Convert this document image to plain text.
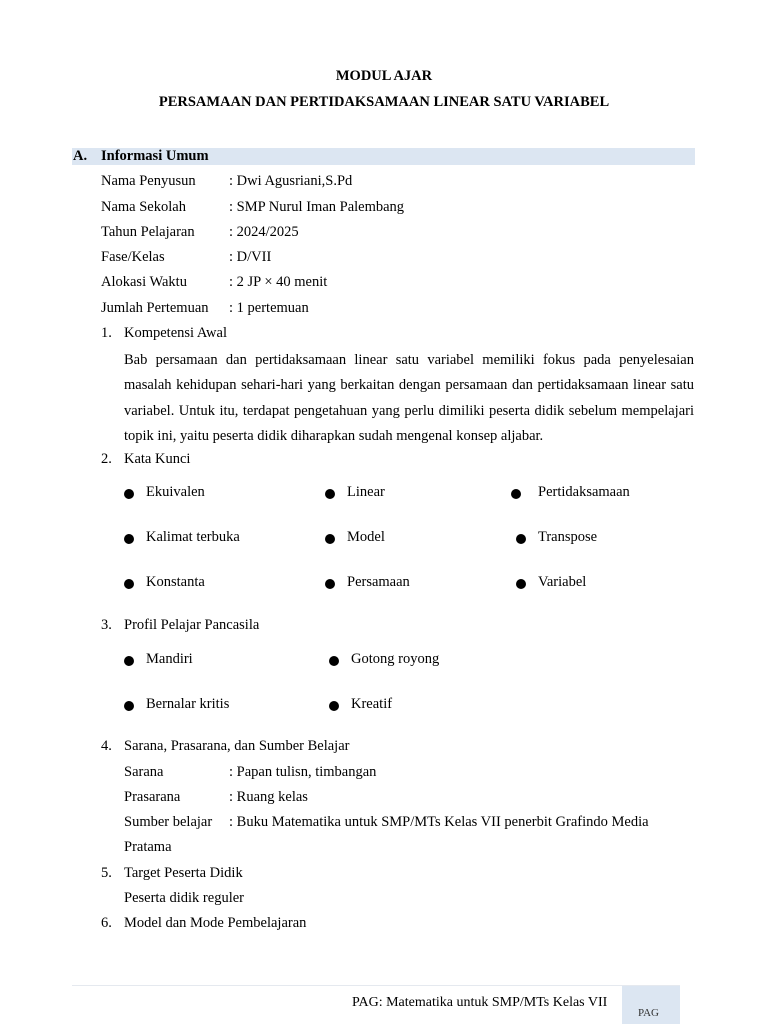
MODUL AJAR
PERSAMAAN DAN PERTIDAKSAMAAN LINEAR SATU VARIABEL
A. Informasi Umum
Nama Penyusun : Dwi Agusriani,S.Pd
Nama Sekolah	: SMP Nurul Iman Palembang
Tahun Pelajaran : 2024/2025
Fase/Kelas	: D/VII
Alokasi Waktu	: 2 JP × 40 menit
Jumlah Pertemuan : 1 pertemuan
1. Kompetensi Awal
Bab persamaan dan pertidaksamaan linear satu variabel memiliki fokus pada penyelesaian masalah kehidupan sehari-hari yang berkaitan dengan persamaan dan pertidaksamaan linear satu variabel. Untuk itu, terdapat pengetahuan yang perlu dimiliki peserta didik sebelum mempelajari topik ini, yaitu peserta didik diharapkan sudah mengenal konsep aljabar.
2. Kata Kunci
Ekuivalen	Linear	Pertidaksamaan
Kalimat terbuka	Model	Transpose
Konstanta	Persamaan	Variabel
3. Profil Pelajar Pancasila
Mandiri	Gotong royong
Bernalar kritis	Kreatif
4. Sarana, Prasarana, dan Sumber Belajar
Sarana	: Papan tulisn, timbangan
Prasarana	: Ruang kelas
Sumber belajar : Buku Matematika untuk SMP/MTs Kelas VII penerbit Grafindo Media
Pratama
5. Target Peserta Didik
Peserta didik reguler
6. Model dan Mode Pembelajaran
PAG: Matematika untuk SMP/MTs Kelas VII
PAG
